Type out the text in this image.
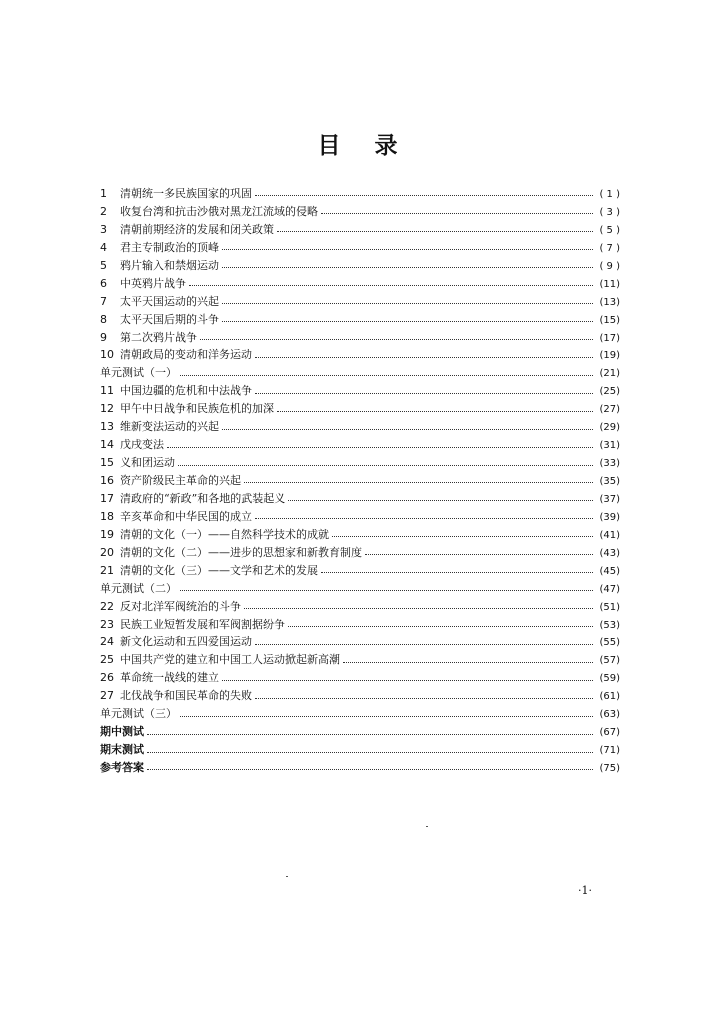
目 录
1	清朝统一多民族国家的巩固	( 1 )
2	收复台湾和抗击沙俄对黑龙江流域的侵略	( 3 )
3	清朝前期经济的发展和闭关政策	( 5 )
4	君主专制政治的顶峰	( 7 )
5	鸦片输入和禁烟运动	( 9 )
6	中英鸦片战争	(11)
7	太平天国运动的兴起	(13)
8	太平天国后期的斗争	(15)
9	第二次鸦片战争	(17)
10 清朝政局的变动和洋务运动	(19)
单元测试（一）	(21)
11 中国边疆的危机和中法战争	(25)
12 甲午中日战争和民族危机的加深	(27)
13 维新变法运动的兴起	(29)
14 戊戌变法	(31)
15 义和团运动	(33)
16 资产阶级民主革命的兴起	(35)
17 清政府的“新政”和各地的武装起义	(37)
18 辛亥革命和中华民国的成立	(39)
19 清朝的文化（一）——自然科学技术的成就	(41)
20 清朝的文化（二）——进步的思想家和新教育制度	(43)
21 清朝的文化（三）——文学和艺术的发展	(45)
单元测试（二）	(47)
22 反对北洋军阀统治的斗争	(51)
23 民族工业短暂发展和军阀割据纷争	(53)
24 新文化运动和五四爱国运动	(55)
25 中国共产党的建立和中国工人运动掀起新高潮	(57)
26 革命统一战线的建立	(59)
27 北伐战争和国民革命的失败	(61)
单元测试（三）	(63)
期中测试	(67)
期末测试	(71)
参考答案	(75)
·1·
